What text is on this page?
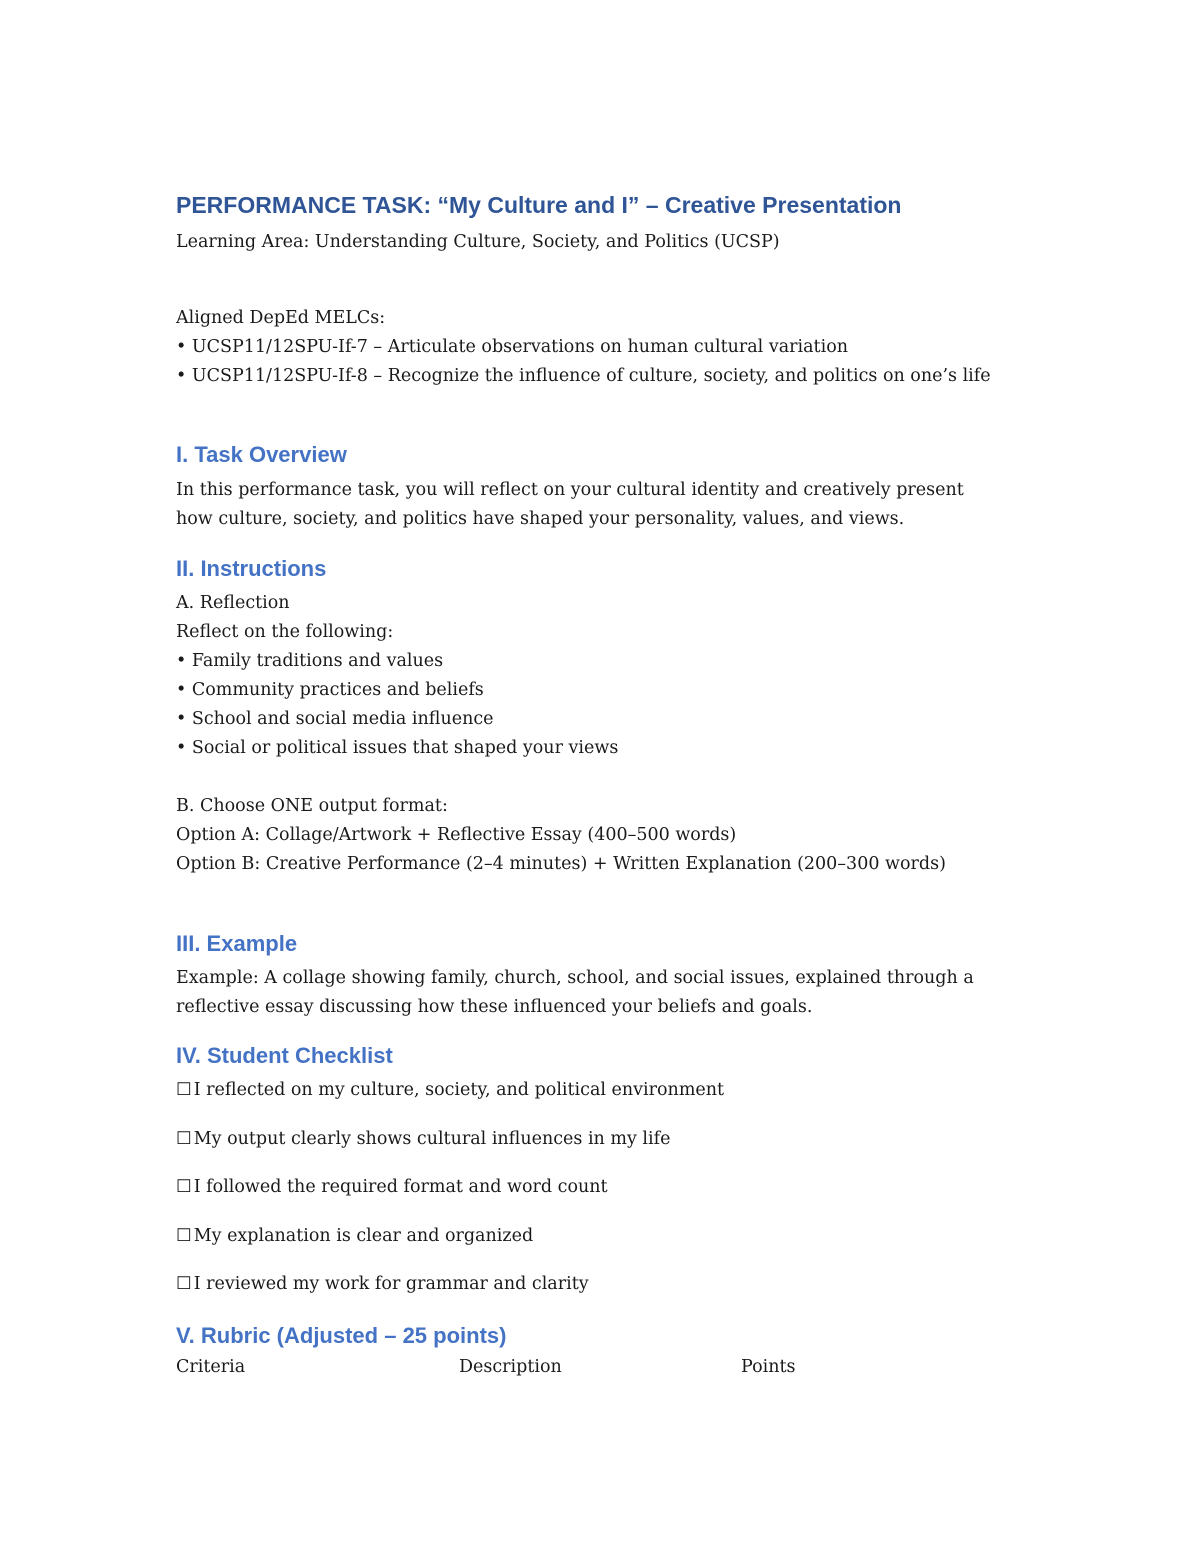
PERFORMANCE TASK: “My Culture and I” – Creative Presentation
Learning Area: Understanding Culture, Society, and Politics (UCSP)
Aligned DepEd MELCs:
• UCSP11/12SPU-If-7 – Articulate observations on human cultural variation
• UCSP11/12SPU-If-8 – Recognize the influence of culture, society, and politics on one’s life
I. Task Overview
In this performance task, you will reflect on your cultural identity and creatively present
how culture, society, and politics have shaped your personality, values, and views.
II. Instructions
A. Reflection
Reflect on the following:
• Family traditions and values
• Community practices and beliefs
• School and social media influence
• Social or political issues that shaped your views
B. Choose ONE output format:
Option A: Collage/Artwork + Reflective Essay (400–500 words)
Option B: Creative Performance (2–4 minutes) + Written Explanation (200–300 words)
III. Example
Example: A collage showing family, church, school, and social issues, explained through a
reflective essay discussing how these influenced your beliefs and goals.
IV. Student Checklist
☐ I reflected on my culture, society, and political environment
☐ My output clearly shows cultural influences in my life
☐ I followed the required format and word count
☐ My explanation is clear and organized
☐ I reviewed my work for grammar and clarity
V. Rubric (Adjusted – 25 points)
Criteria	Description	Points
